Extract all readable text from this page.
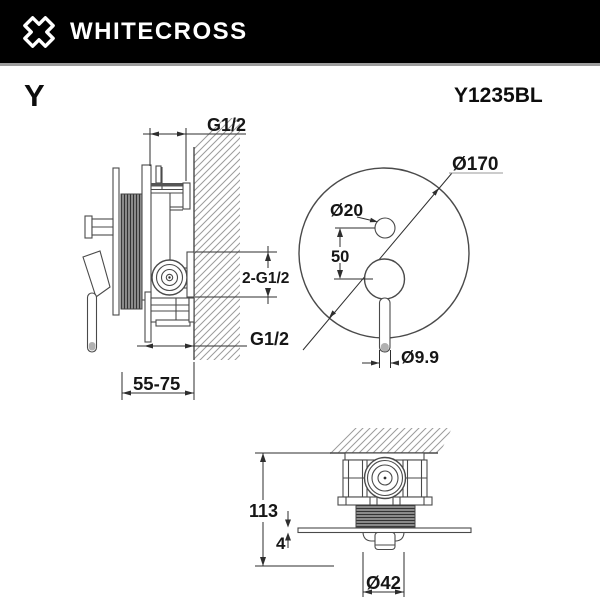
WHITECROSS
Y	Y1235BL
G1/2
2-G1/2
G1/2
55-75
50
Ø20
Ø9.9
Ø170
113
4
Ø42
